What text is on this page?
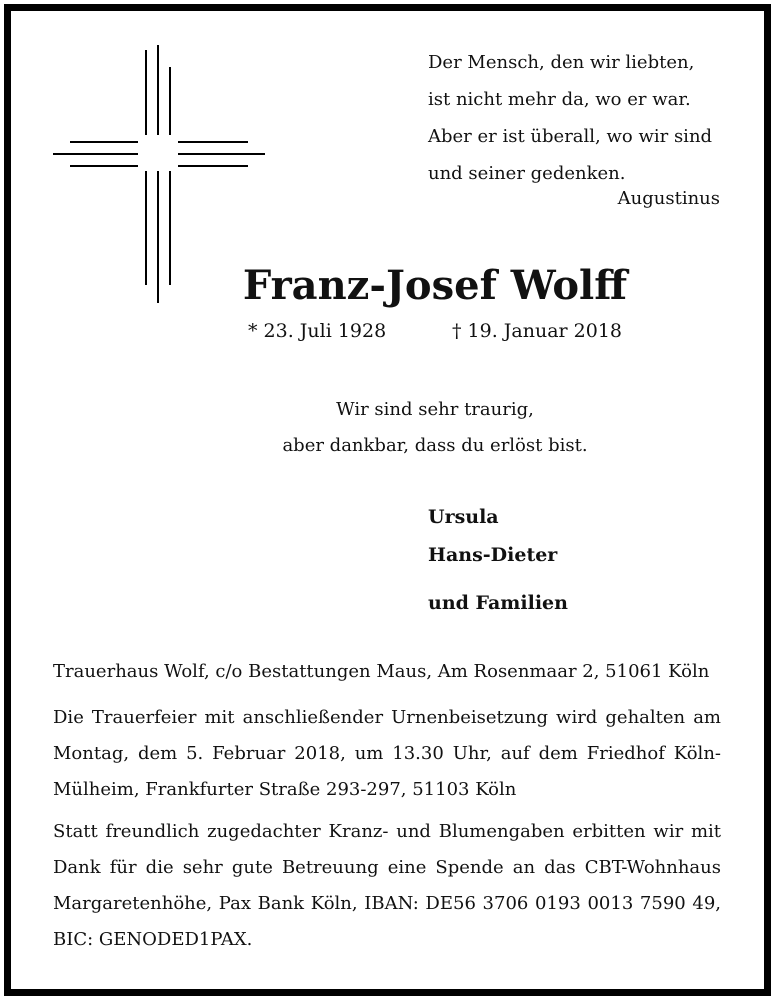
Der Mensch, den wir liebten,
ist nicht mehr da, wo er war.
Aber er ist überall, wo wir sind
und seiner gedenken.
Augustinus
Franz-Josef Wolff
* 23. Juli 1928	† 19. Januar 2018
Wir sind sehr traurig,
aber dankbar, dass du erlöst bist.
Ursula
Hans-Dieter
und Familien
Trauerhaus Wolf, c/o Bestattungen Maus, Am Rosenmaar 2, 51061 Köln
Die Trauerfeier mit anschließender Urnenbeisetzung wird gehalten am Montag, dem 5. Februar 2018, um 13.30 Uhr, auf dem Friedhof Köln-Mülheim, Frankfurter Straße 293-297, 51103 Köln
Statt freundlich zugedachter Kranz- und Blumengaben erbitten wir mit Dank für die sehr gute Betreuung eine Spende an das CBT-Wohnhaus Margaretenhöhe, Pax Bank Köln, IBAN: DE56 3706 0193 0013 7590 49, BIC: GENODED1PAX.
